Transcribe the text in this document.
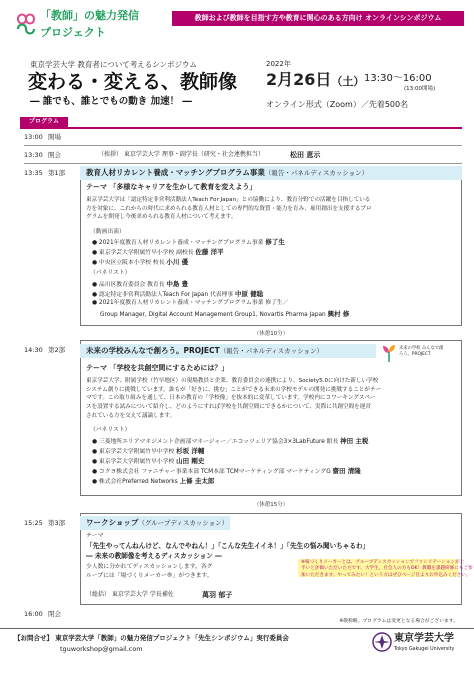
「教師」の魅力発信
プロジェクト
教師および教師を目指す方や教育に関心のある方向け オンラインシンポジウム
東京学芸大学 教育者について考えるシンポジウム
変わる・変える、教師像
― 誰でも、誰とでもの動き 加速！ ―
2022年
2月26日（土） 13:30～16:00
(13:00開場)
オンライン形式（Zoom）／先着500名
プログラム
13:00 開場
13:30 開会	（挨拶） 東京学芸大学 理事・副学長（研究・社会連携担当）	松田 恵示
13:35 第1部	教育人材リカレント養成・マッチングプログラム事業（報告・パネルディスカッション）
テーマ 「多様なキャリアを生かして教育を変えよう」
東京学芸大学は「認定特定非営利活動法人Teach For Japan」との協働により、教育分野での活躍を目指している
方を対象に、これからの時代に求められる教育人材としての専門的な資質・能力を育み、雇用創出を支援するプロ
グラムを開発し今後求められる教育人材について考えます。
（動画出演）
● 2021年度教育人材リカレント養成・マッチングプログラム事業 修了生
● 東京学芸大学附属竹早小学校 副校長 佐藤 洋平
● 中央区立阪本小学校 校長 小川 優
（パネリスト）
● 品川区教育委員会 教育長 中島 豊
● 認定特定非営利活動法人Teach For Japan 代表理事 中原 健聡
● 2021年度教育人材リカレント養成・マッチングプログラム事業 修了生／
Group Manager, Digital Account Management Group1, Novartis Pharma Japan 興村 修
（休憩10分）
14:30 第2部	未来の学校みんなで創ろう。PROJECT（報告・パネルディスカッション）	未来の学校 みんなで創ろう。PROJECT
テーマ 「学校を共創空間にするためには？」
東京学芸大学、附属学校（竹早地区）の現場教員と企業、教育委員会の連携により、Society5.0に向けた新しい学校
システム創りに挑戦しています。誰もが「好きに、挑む」ことができる未来の学校モデルの開発に挑戦することがテー
マです。この取り組みを通して、日本の教育の「学校像」を抜本的に変革しています。学校内にコワーキングスペー
スを設置する試みについて紹介し、どのようにすれば学校を共創空間にできるかについて、実際に共創空間を運営
されている方を交えて議論します。
（パネリスト）
● 三菱地所エリアマネジメント企画部マネージャー／エコッツェリア協会3×3LabFuture 館長 神田 主税
● 東京学芸大学附属竹早中学校 杉坂 洋輔
● 東京学芸大学附属竹早小学校 山田 剛史
● コクヨ株式会社 ファニチャー事業本部 TCM本部 TCMマーケティング部 マーケティングG 齋田 清隆
● 株式会社Preferred Networks 上條 圭太郎
（休憩15分）
15:25 第3部	ワークショップ（グループディスカッション）
テーマ
「先生やってんねんけど、なんでやねん！」「こんな先生イイネ！」「先生の悩み聞いちゃるわ」
― 未来の教師像を考えるディスカッション ―
少人数に分かれてディスカッションします。各グ
ループには「場づくりメーカー®」がつきます。
※場づくりメーカーとは、グループディスカッションでファシリテーションが上
手いと評価いただいた方です。大学生、社会人の方もOK！教職を課題研修にもご参
加いただきます。やってみたい！という方はぜひページ目よりお申込みください。
（総括） 東京学芸大学 学長補佐	萬羽 郁子
16:00 閉会
※敬称略。プログラムは変更となる場合がございます。
【お問合せ】 東京学芸大学「教師」の魅力発信プロジェクト「先生シンポジウム」実行委員会
tguworkshop@gmail.com
東京学芸大学
Tokyo Gakugei University
